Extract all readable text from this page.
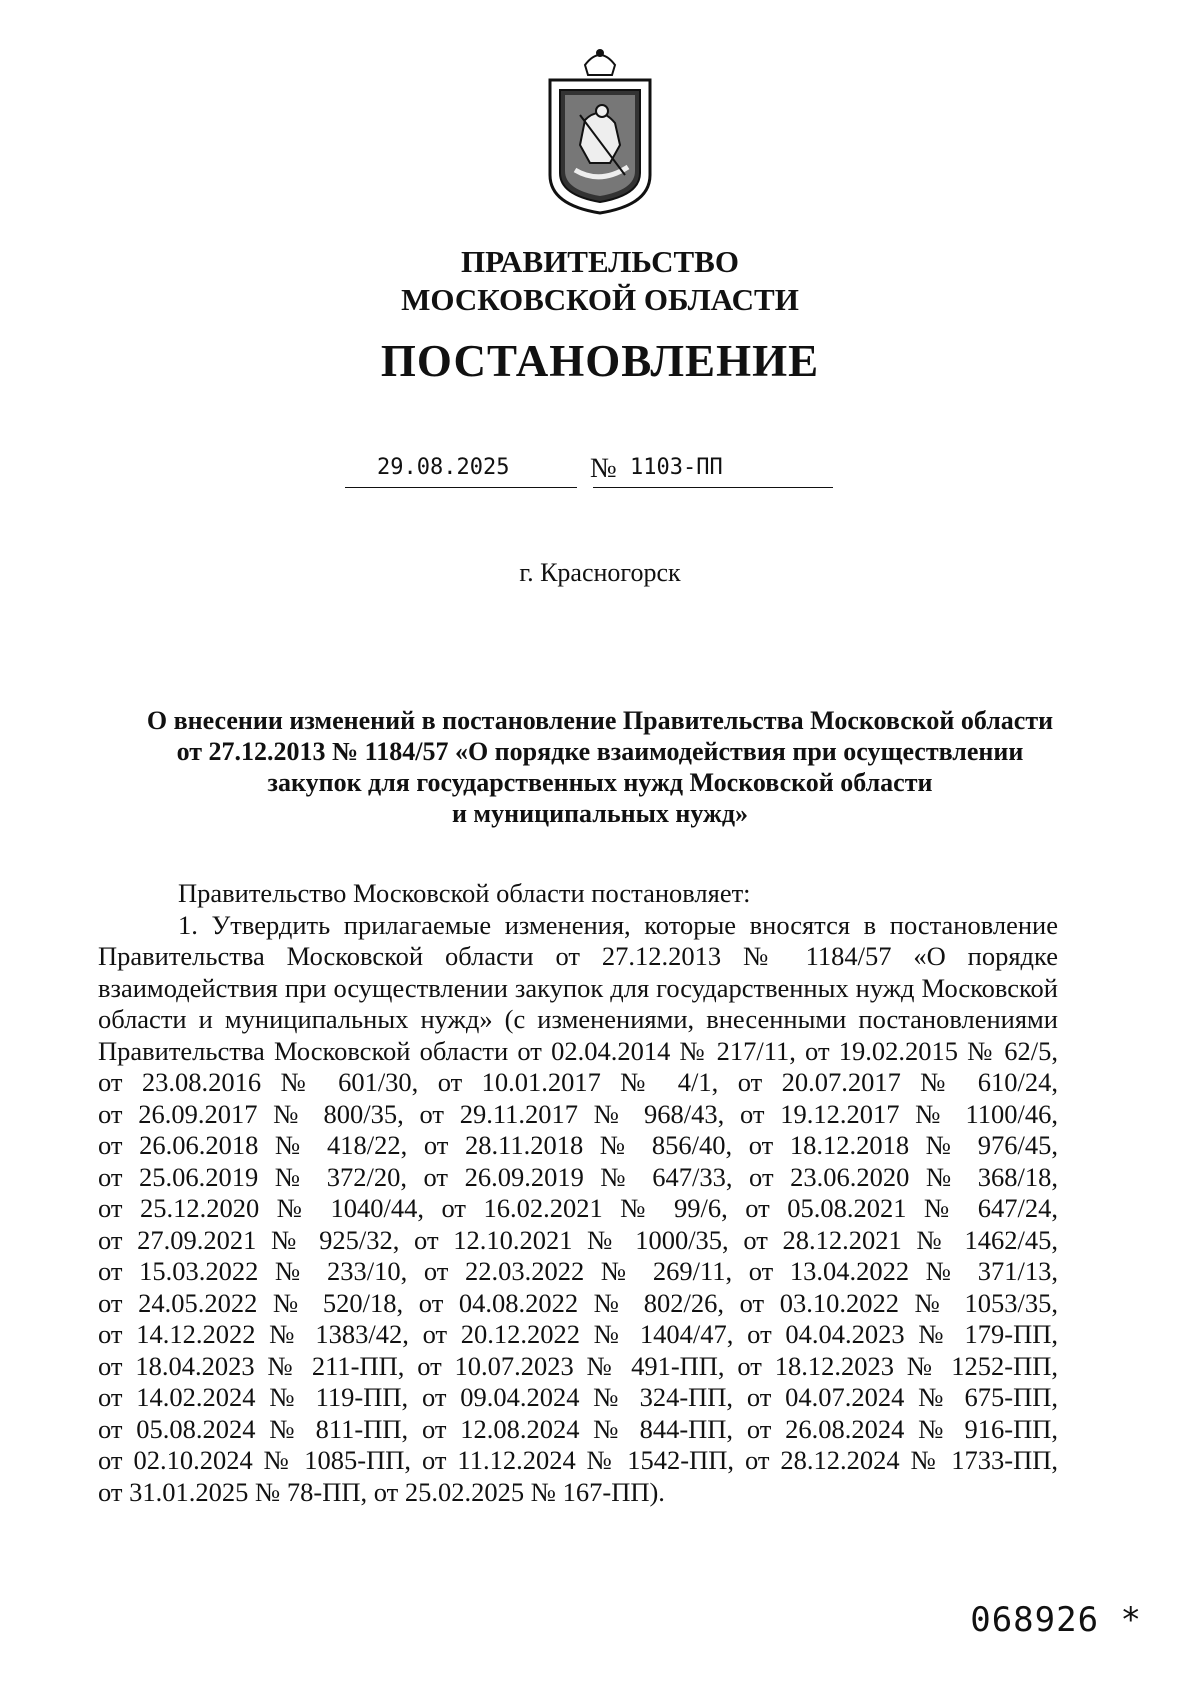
ПРАВИТЕЛЬСТВО
МОСКОВСКОЙ ОБЛАСТИ
ПОСТАНОВЛЕНИЕ
29.08.2025	№ 1103-ПП
г. Красногорск
О внесении изменений в постановление Правительства Московской области
от 27.12.2013 № 1184/57 «О порядке взаимодействия при осуществлении
закупок для государственных нужд Московской области
и муниципальных нужд»
Правительство Московской области постановляет:
1. Утвердить прилагаемые изменения, которые вносятся в постановление
Правительства Московской области от 27.12.2013 № 1184/57 «О порядке
взаимодействия при осуществлении закупок для государственных нужд Московской
области и муниципальных нужд» (с изменениями, внесенными постановлениями
Правительства Московской области от 02.04.2014 № 217/11, от 19.02.2015 № 62/5,
от 23.08.2016 № 601/30, от 10.01.2017 № 4/1, от 20.07.2017 № 610/24,
от 26.09.2017 № 800/35, от 29.11.2017 № 968/43, от 19.12.2017 № 1100/46,
от 26.06.2018 № 418/22, от 28.11.2018 № 856/40, от 18.12.2018 № 976/45,
от 25.06.2019 № 372/20, от 26.09.2019 № 647/33, от 23.06.2020 № 368/18,
от 25.12.2020 № 1040/44, от 16.02.2021 № 99/6, от 05.08.2021 № 647/24,
от 27.09.2021 № 925/32, от 12.10.2021 № 1000/35, от 28.12.2021 № 1462/45,
от 15.03.2022 № 233/10, от 22.03.2022 № 269/11, от 13.04.2022 № 371/13,
от 24.05.2022 № 520/18, от 04.08.2022 № 802/26, от 03.10.2022 № 1053/35,
от 14.12.2022 № 1383/42, от 20.12.2022 № 1404/47, от 04.04.2023 № 179-ПП,
от 18.04.2023 № 211-ПП, от 10.07.2023 № 491-ПП, от 18.12.2023 № 1252-ПП,
от 14.02.2024 № 119-ПП, от 09.04.2024 № 324-ПП, от 04.07.2024 № 675-ПП,
от 05.08.2024 № 811-ПП, от 12.08.2024 № 844-ПП, от 26.08.2024 № 916-ПП,
от 02.10.2024 № 1085-ПП, от 11.12.2024 № 1542-ПП, от 28.12.2024 № 1733-ПП,
от 31.01.2025 № 78-ПП, от 25.02.2025 № 167-ПП).
068926 *
